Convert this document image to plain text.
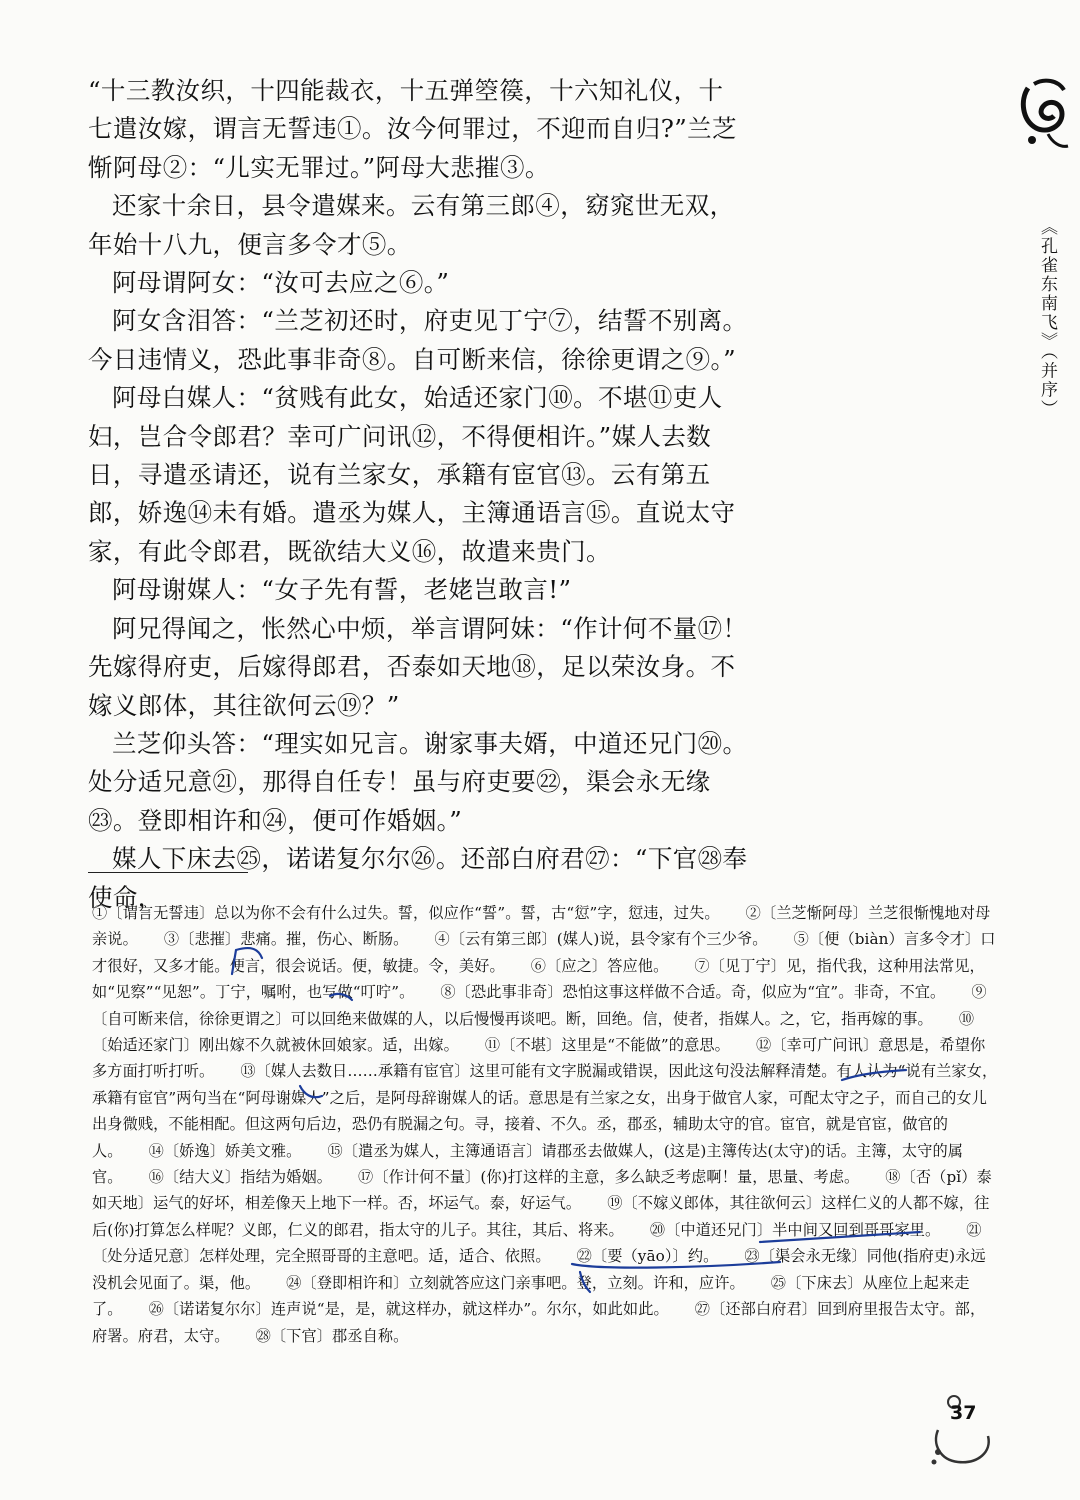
《孔雀东南飞》（并序）

“十三教汝织，十四能裁衣，十五弹箜篌，十六知礼仪，十七遣汝嫁，谓言无誓违①。汝今何罪过，不迎而自归?”兰芝惭阿母②：“儿实无罪过。”阿母大悲摧③。

还家十余日，县令遣媒来。云有第三郎④，窈窕世无双，年始十八九，便言多令才⑤。

阿母谓阿女：“汝可去应之⑥。”

阿女含泪答：“兰芝初还时，府吏见丁宁⑦，结誓不别离。今日违情义，恐此事非奇⑧。自可断来信，徐徐更谓之⑨。”

阿母白媒人：“贫贱有此女，始适还家门⑩。不堪⑪吏人妇，岂合令郎君？幸可广问讯⑫，不得便相许。”媒人去数日，寻遣丞请还，说有兰家女，承籍有宦官⑬。云有第五郎，娇逸⑭未有婚。遣丞为媒人，主簿通语言⑮。直说太守家，有此令郎君，既欲结大义⑯，故遣来贵门。

阿母谢媒人：“女子先有誓，老姥岂敢言!”

阿兄得闻之，怅然心中烦，举言谓阿妹：“作计何不量⑰！先嫁得府吏，后嫁得郎君，否泰如天地⑱，足以荣汝身。不嫁义郎体，其往欲何云⑲？”

兰芝仰头答：“理实如兄言。谢家事夫婿，中道还兄门⑳。处分适兄意㉑，那得自任专！虽与府吏要㉒，渠会永无缘㉓。登即相许和㉔，便可作婚姻。”

媒人下床去㉕，诺诺复尔尔㉖。还部白府君㉗：“下官㉘奉使命，

①〔谓言无誓违〕总以为你不会有什么过失。誓，似应作“誓”。誓，古“愆”字，愆违，过失。 ②〔兰芝惭阿母〕兰芝很惭愧地对母亲说。 ③〔悲摧〕悲痛。摧，伤心、断肠。 ④〔云有第三郎〕(媒人)说，县令家有个三少爷。 ⑤〔便（biàn）言多令才〕口才很好，又多才能。便言，很会说话。便，敏捷。令，美好。 ⑥〔应之〕答应他。 ⑦〔见丁宁〕见，指代我，这种用法常见，如“见察”“见恕”。丁宁，嘱咐，也写做“叮咛”。 ⑧〔恐此事非奇〕恐怕这事这样做不合适。奇，似应为“宜”。非奇，不宜。 ⑨〔自可断来信，徐徐更谓之〕可以回绝来做媒的人，以后慢慢再谈吧。断，回绝。信，使者，指媒人。之，它，指再嫁的事。 ⑩〔始适还家门〕刚出嫁不久就被休回娘家。适，出嫁。 ⑪〔不堪〕这里是“不能做”的意思。 ⑫〔幸可广问讯〕意思是，希望你多方面打听打听。 ⑬〔媒人去数日……承籍有宦官〕这里可能有文字脱漏或错误，因此这句没法解释清楚。有人认为“说有兰家女，承籍有宦官”两句当在“阿母谢媒人”之后，是阿母辞谢媒人的话。意思是有兰家之女，出身于做官人家，可配太守之子，而自己的女儿出身微贱，不能相配。但这两句后边，恐仍有脱漏之句。寻，接着、不久。丞，郡丞，辅助太守的官。宦官，就是官宦，做官的人。 ⑭〔娇逸〕娇美文雅。 ⑮〔遣丞为媒人，主簿通语言〕请郡丞去做媒人，(这是)主簿传达(太守)的话。主簿，太守的属官。 ⑯〔结大义〕指结为婚姻。 ⑰〔作计何不量〕(你)打这样的主意，多么缺乏考虑啊！量，思量、考虑。 ⑱〔否（pǐ）泰如天地〕运气的好坏，相差像天上地下一样。否，坏运气。泰，好运气。 ⑲〔不嫁义郎体，其往欲何云〕这样仁义的人都不嫁，往后(你)打算怎么样呢？义郎，仁义的郎君，指太守的儿子。其往，其后、将来。 ⑳〔中道还兄门〕半中间又回到哥哥家里。 ㉑〔处分适兄意〕怎样处理，完全照哥哥的主意吧。适，适合、依照。 ㉒〔要（yāo）〕约。 ㉓〔渠会永无缘〕同他(指府吏)永远没机会见面了。渠，他。 ㉔〔登即相许和〕立刻就答应这门亲事吧。登，立刻。许和，应许。 ㉕〔下床去〕从座位上起来走了。 ㉖〔诺诺复尔尔〕连声说“是，是，就这样办，就这样办”。尔尔，如此如此。 ㉗〔还部白府君〕回到府里报告太守。部，府署。府君，太守。 ㉘〔下官〕郡丞自称。
37
